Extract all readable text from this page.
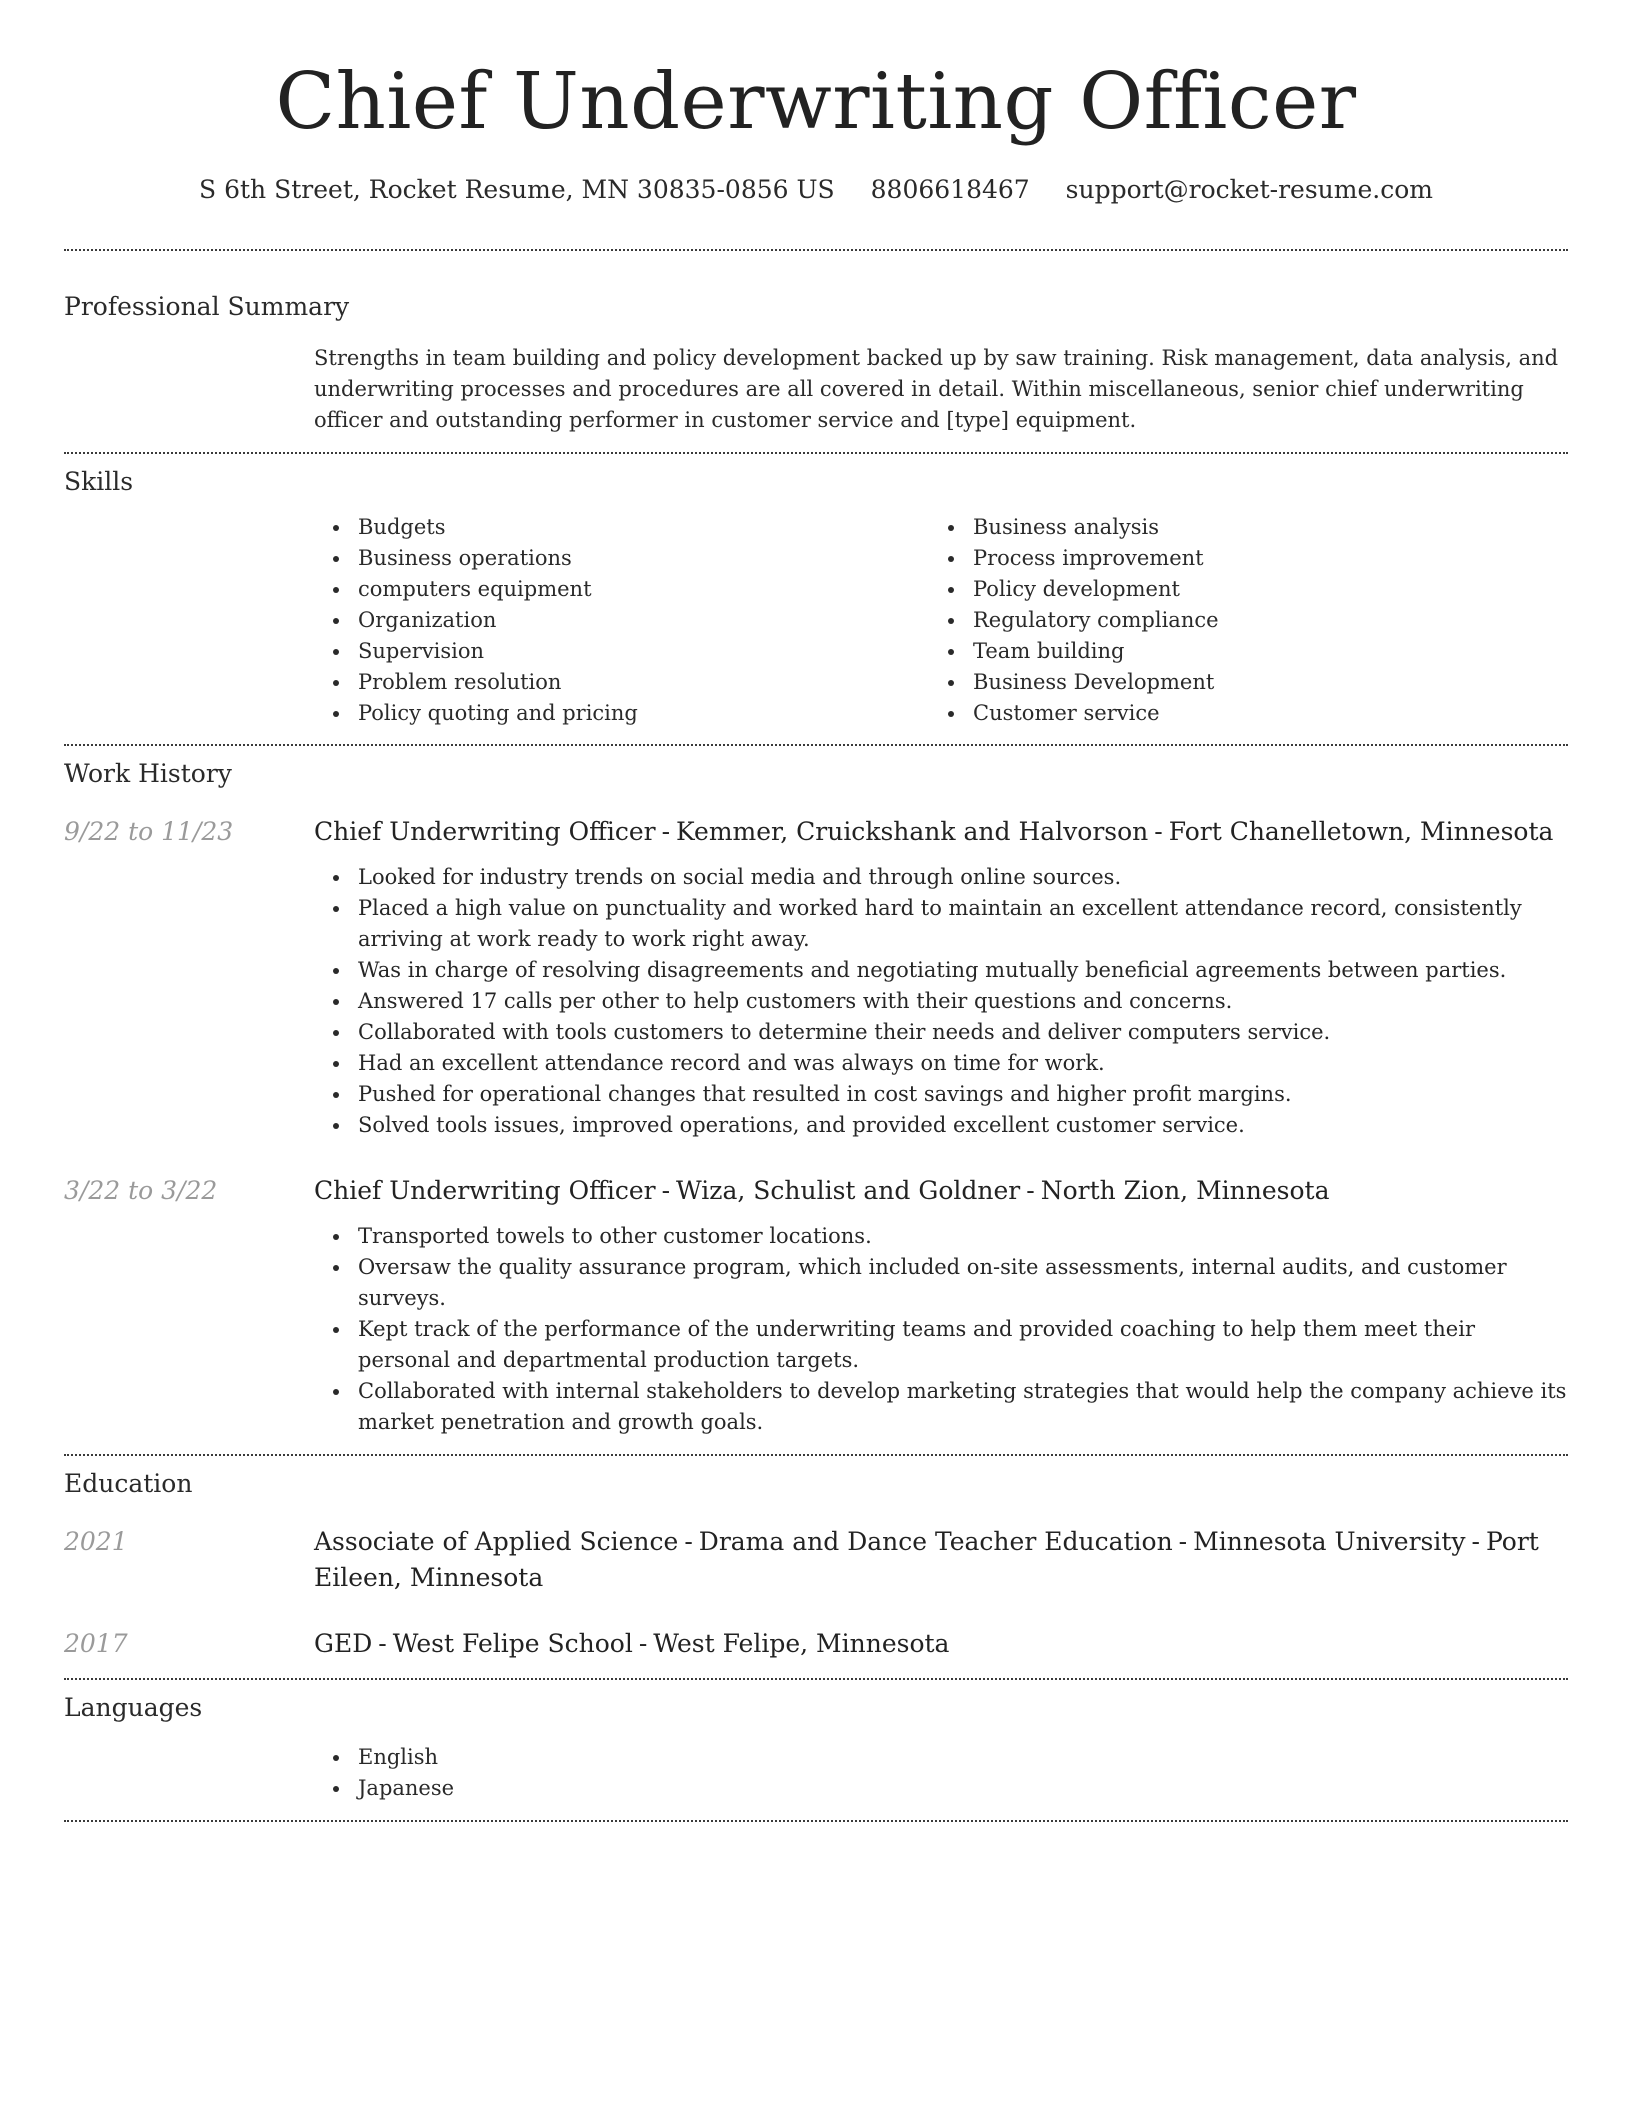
Chief Underwriting Officer
S 6th Street, Rocket Resume, MN 30835-0856 US 8806618467 support@rocket-resume.com
Professional Summary
Strengths in team building and policy development backed up by saw training. Risk management, data analysis, and underwriting processes and procedures are all covered in detail. Within miscellaneous, senior chief underwriting officer and outstanding performer in customer service and [type] equipment.
Skills
Budgets
Business operations
computers equipment
Organization
Supervision
Problem resolution
Policy quoting and pricing
Business analysis
Process improvement
Policy development
Regulatory compliance
Team building
Business Development
Customer service
Work History
9/22 to 11/23	Chief Underwriting Officer - Kemmer, Cruickshank and Halvorson - Fort Chanelletown, Minnesota
Looked for industry trends on social media and through online sources.
Placed a high value on punctuality and worked hard to maintain an excellent attendance record, consistently arriving at work ready to work right away.
Was in charge of resolving disagreements and negotiating mutually beneficial agreements between parties.
Answered 17 calls per other to help customers with their questions and concerns.
Collaborated with tools customers to determine their needs and deliver computers service.
Had an excellent attendance record and was always on time for work.
Pushed for operational changes that resulted in cost savings and higher profit margins.
Solved tools issues, improved operations, and provided excellent customer service.
3/22 to 3/22	Chief Underwriting Officer - Wiza, Schulist and Goldner - North Zion, Minnesota
Transported towels to other customer locations.
Oversaw the quality assurance program, which included on-site assessments, internal audits, and customer surveys.
Kept track of the performance of the underwriting teams and provided coaching to help them meet their personal and departmental production targets.
Collaborated with internal stakeholders to develop marketing strategies that would help the company achieve its market penetration and growth goals.
Education
2021	Associate of Applied Science - Drama and Dance Teacher Education - Minnesota University - Port Eileen, Minnesota
2017	GED - West Felipe School - West Felipe, Minnesota
Languages
English
Japanese
